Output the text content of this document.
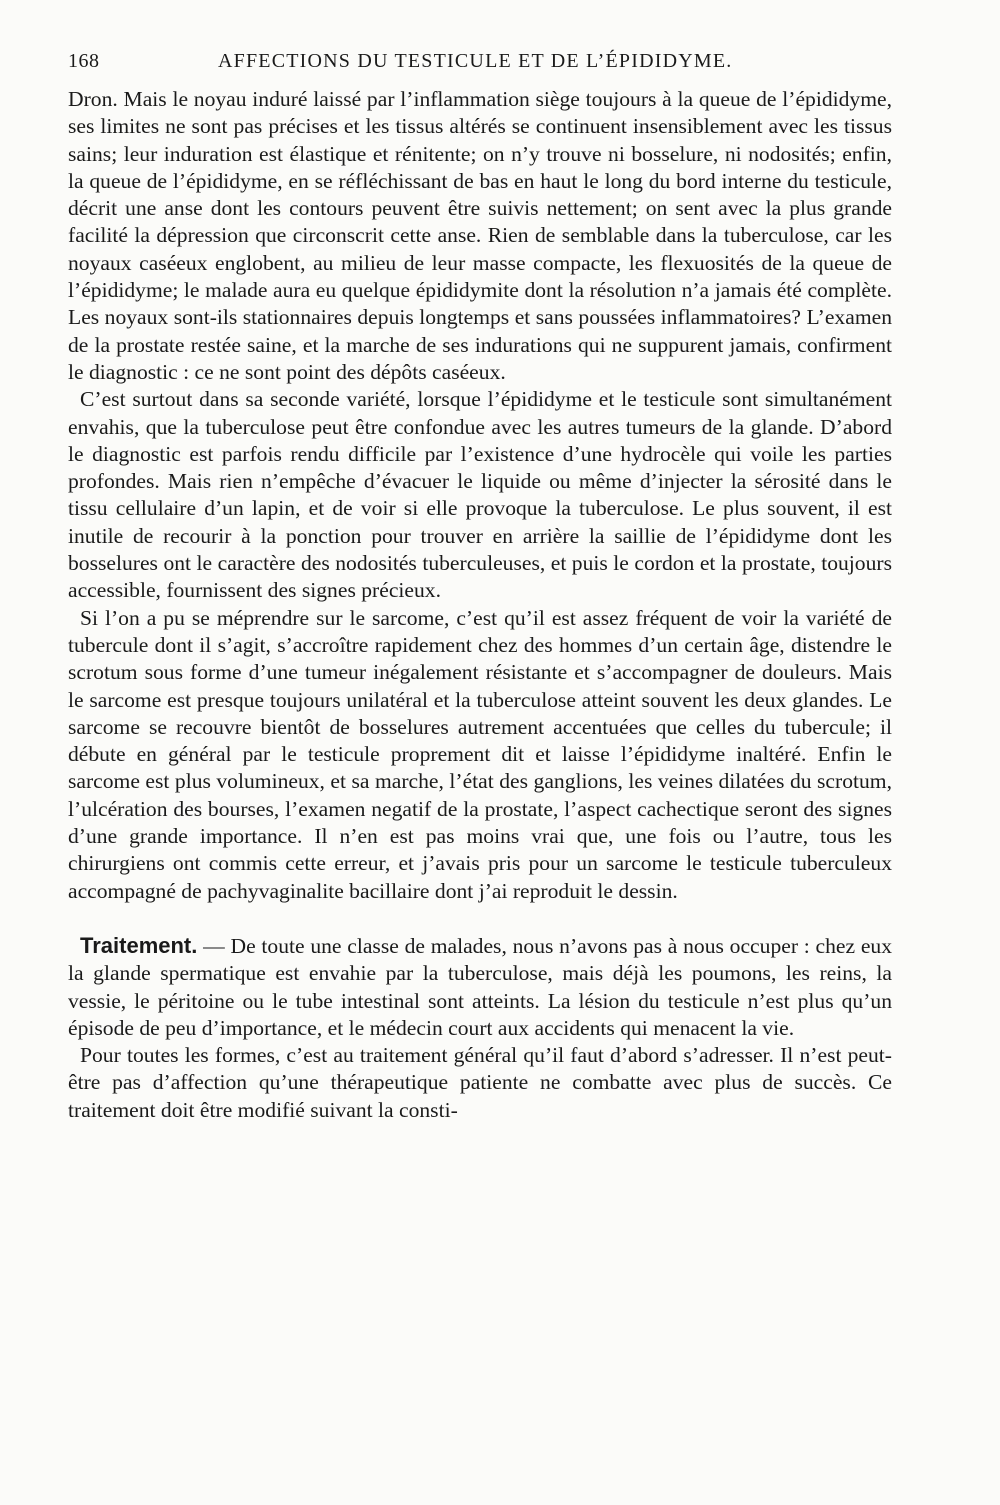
168	AFFECTIONS DU TESTICULE ET DE L’ÉPIDIDYME.

Dron. Mais le noyau induré laissé par l’inflammation siège toujours à la queue de l’épididyme, ses limites ne sont pas précises et les tissus altérés se continuent insensiblement avec les tissus sains; leur induration est élastique et rénitente; on n’y trouve ni bosselure, ni nodosités; enfin, la queue de l’épididyme, en se réfléchissant de bas en haut le long du bord interne du testicule, décrit une anse dont les contours peuvent être suivis nettement; on sent avec la plus grande facilité la dépression que circonscrit cette anse. Rien de semblable dans la tuberculose, car les noyaux caséeux englobent, au milieu de leur masse compacte, les flexuosités de la queue de l’épididyme; le malade aura eu quelque épididymite dont la résolution n’a jamais été complète. Les noyaux sont-ils stationnaires depuis longtemps et sans poussées inflammatoires? L’examen de la prostate restée saine, et la marche de ses indurations qui ne suppurent jamais, confirment le diagnostic : ce ne sont point des dépôts caséeux.

C’est surtout dans sa seconde variété, lorsque l’épididyme et le testicule sont simultanément envahis, que la tuberculose peut être confondue avec les autres tumeurs de la glande. D’abord le diagnostic est parfois rendu difficile par l’existence d’une hydrocèle qui voile les parties profondes. Mais rien n’empêche d’évacuer le liquide ou même d’injecter la sérosité dans le tissu cellulaire d’un lapin, et de voir si elle provoque la tuberculose. Le plus souvent, il est inutile de recourir à la ponction pour trouver en arrière la saillie de l’épididyme dont les bosselures ont le caractère des nodosités tuberculeuses, et puis le cordon et la prostate, toujours accessible, fournissent des signes précieux.

Si l’on a pu se méprendre sur le sarcome, c’est qu’il est assez fréquent de voir la variété de tubercule dont il s’agit, s’accroître rapidement chez des hommes d’un certain âge, distendre le scrotum sous forme d’une tumeur inégalement résistante et s’accompagner de douleurs. Mais le sarcome est presque toujours unilatéral et la tuberculose atteint souvent les deux glandes. Le sarcome se recouvre bientôt de bosselures autrement accentuées que celles du tubercule; il débute en général par le testicule proprement dit et laisse l’épididyme inaltéré. Enfin le sarcome est plus volumineux, et sa marche, l’état des ganglions, les veines dilatées du scrotum, l’ulcération des bourses, l’examen negatif de la prostate, l’aspect cachectique seront des signes d’une grande importance. Il n’en est pas moins vrai que, une fois ou l’autre, tous les chirurgiens ont commis cette erreur, et j’avais pris pour un sarcome le testicule tuberculeux accompagné de pachyvaginalite bacillaire dont j’ai reproduit le dessin.

Traitement. — De toute une classe de malades, nous n’avons pas à nous occuper : chez eux la glande spermatique est envahie par la tuberculose, mais déjà les poumons, les reins, la vessie, le péritoine ou le tube intestinal sont atteints. La lésion du testicule n’est plus qu’un épisode de peu d’importance, et le médecin court aux accidents qui menacent la vie.

Pour toutes les formes, c’est au traitement général qu’il faut d’abord s’adresser. Il n’est peut-être pas d’affection qu’une thérapeutique patiente ne combatte avec plus de succès. Ce traitement doit être modifié suivant la consti-
